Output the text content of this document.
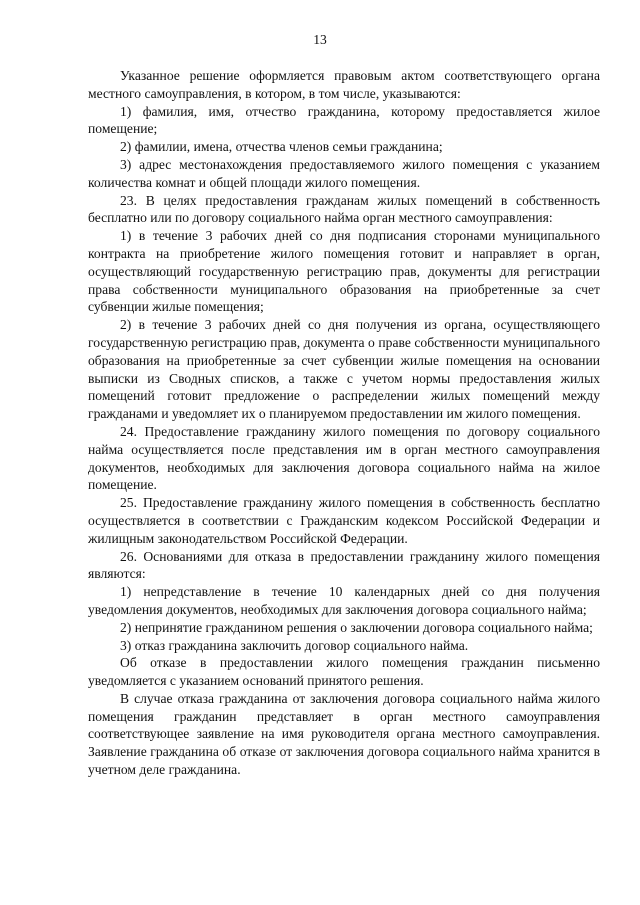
13

Указанное решение оформляется правовым актом соответствующего органа местного самоуправления, в котором, в том числе, указываются:

1) фамилия, имя, отчество гражданина, которому предоставляется жилое помещение;

2) фамилии, имена, отчества членов семьи гражданина;

3) адрес местонахождения предоставляемого жилого помещения с указанием количества комнат и общей площади жилого помещения.

23. В целях предоставления гражданам жилых помещений в собственность бесплатно или по договору социального найма орган местного самоуправления:

1) в течение 3 рабочих дней со дня подписания сторонами муниципального контракта на приобретение жилого помещения готовит и направляет в орган, осуществляющий государственную регистрацию прав, документы для регистрации права собственности муниципального образования на приобретенные за счет субвенции жилые помещения;

2) в течение 3 рабочих дней со дня получения из органа, осуществляющего государственную регистрацию прав, документа о праве собственности муниципального образования на приобретенные за счет субвенции жилые помещения на основании выписки из Сводных списков, а также с учетом нормы предоставления жилых помещений готовит предложение о распределении жилых помещений между гражданами и уведомляет их о планируемом предоставлении им жилого помещения.

24. Предоставление гражданину жилого помещения по договору социального найма осуществляется после представления им в орган местного самоуправления документов, необходимых для заключения договора социального найма на жилое помещение.

25. Предоставление гражданину жилого помещения в собственность бесплатно осуществляется в соответствии с Гражданским кодексом Российской Федерации и жилищным законодательством Российской Федерации.

26. Основаниями для отказа в предоставлении гражданину жилого помещения являются:

1) непредставление в течение 10 календарных дней со дня получения уведомления документов, необходимых для заключения договора социального найма;

2) непринятие гражданином решения о заключении договора социального найма;

3) отказ гражданина заключить договор социального найма.

Об отказе в предоставлении жилого помещения гражданин письменно уведомляется с указанием оснований принятого решения.

В случае отказа гражданина от заключения договора социального найма жилого помещения гражданин представляет в орган местного самоуправления соответствующее заявление на имя руководителя органа местного самоуправления. Заявление гражданина об отказе от заключения договора социального найма хранится в учетном деле гражданина.
